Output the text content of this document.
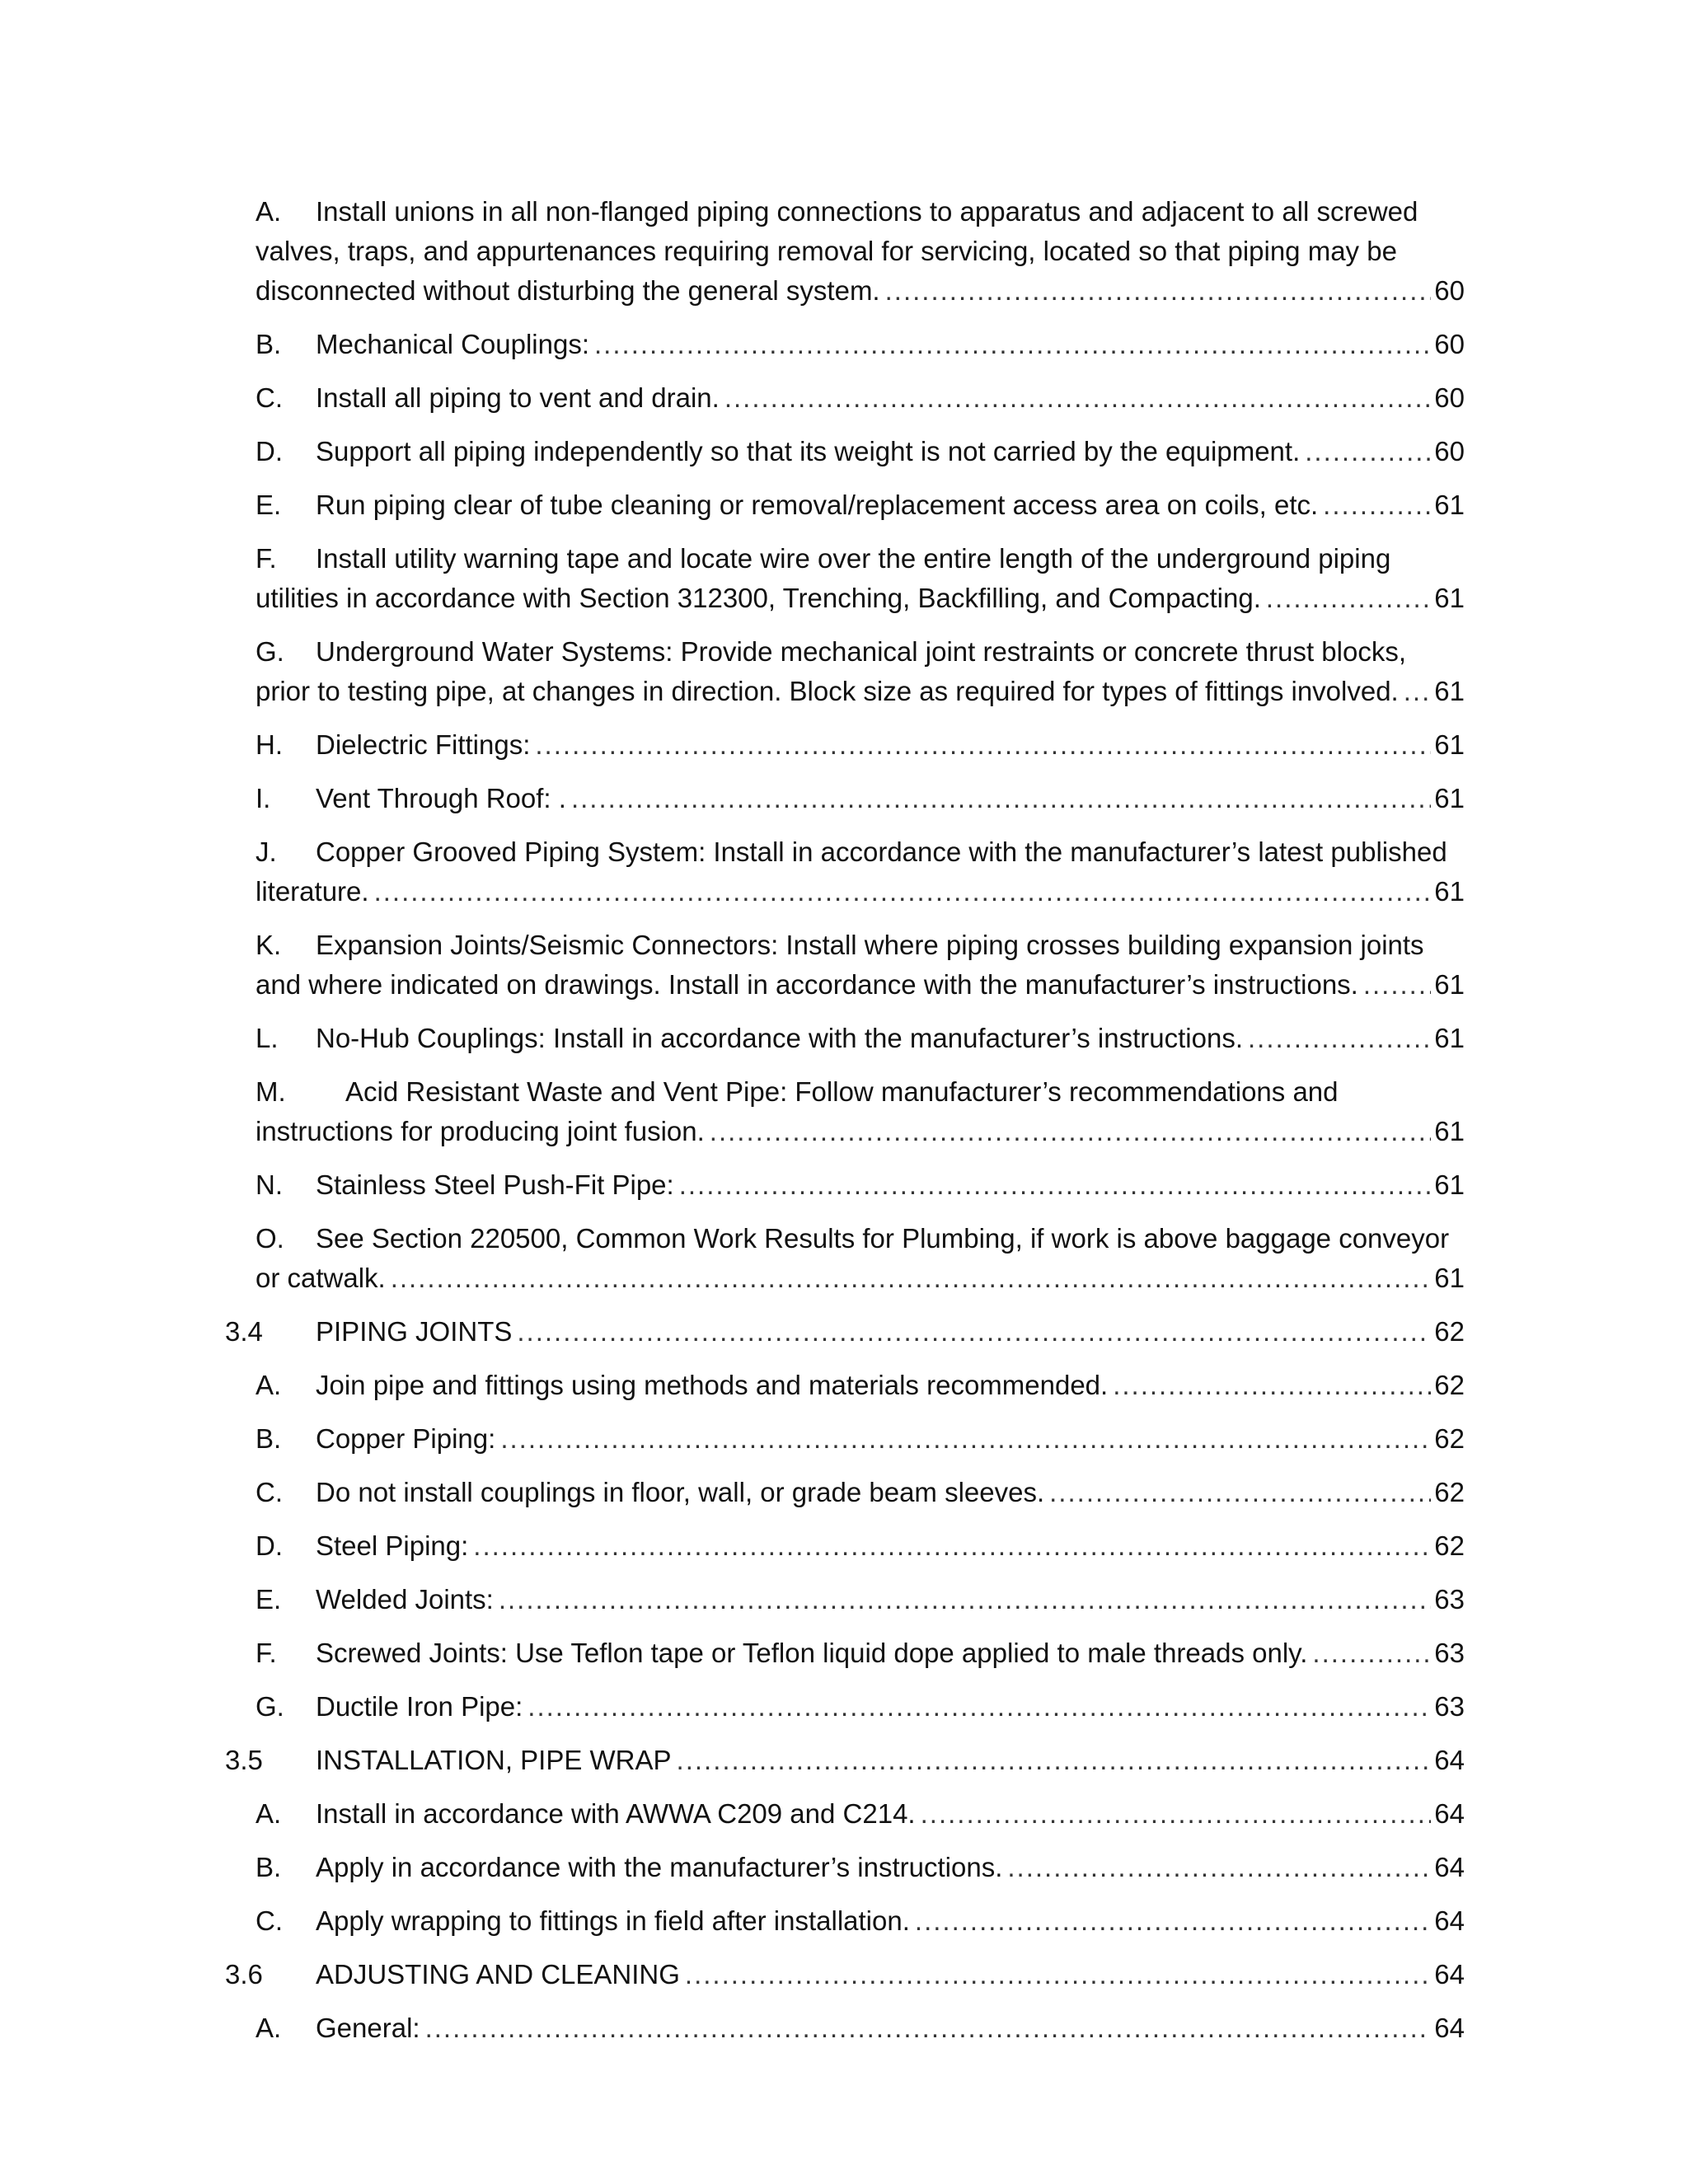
A.	Install unions in all non-flanged piping connections to apparatus and adjacent to all screwed
valves, traps, and appurtenances requiring removal for servicing, located so that piping may be
disconnected without disturbing the general system. .....	60
B.	Mechanical Couplings: .....	60
C.	Install all piping to vent and drain. .....	60
D.	Support all piping independently so that its weight is not carried by the equipment. .....	60
E.	Run piping clear of tube cleaning or removal/replacement access area on coils, etc. .....	61
F.	Install utility warning tape and locate wire over the entire length of the underground piping
utilities in accordance with Section 312300, Trenching, Backfilling, and Compacting. .....	61
G.	Underground Water Systems: Provide mechanical joint restraints or concrete thrust blocks,
prior to testing pipe, at changes in direction. Block size as required for types of fittings involved. ..... 61
H.	Dielectric Fittings: .....	61
I.	Vent Through Roof: . .....	61
J.	Copper Grooved Piping System: Install in accordance with the manufacturer’s latest published
literature. .....	61
K.	Expansion Joints/Seismic Connectors: Install where piping crosses building expansion joints
and where indicated on drawings. Install in accordance with the manufacturer’s instructions. .....	61
L.	No-Hub Couplings: Install in accordance with the manufacturer’s instructions. .....	61
M.	Acid Resistant Waste and Vent Pipe: Follow manufacturer’s recommendations and
instructions for producing joint fusion. .....	61
N.	Stainless Steel Push-Fit Pipe: .....	61
O.	See Section 220500, Common Work Results for Plumbing, if work is above baggage conveyor
or catwalk. .....	61
3.4	PIPING JOINTS .....	62
A.	Join pipe and fittings using methods and materials recommended. .....	62
B.	Copper Piping: .....	62
C.	Do not install couplings in floor, wall, or grade beam sleeves. .....	62
D.	Steel Piping: .....	62
E.	Welded Joints: .....	63
F.	Screwed Joints: Use Teflon tape or Teflon liquid dope applied to male threads only. .....	63
G.	Ductile Iron Pipe: .....	63
3.5	INSTALLATION, PIPE WRAP .....	64
A.	Install in accordance with AWWA C209 and C214. .....	64
B.	Apply in accordance with the manufacturer’s instructions. .....	64
C.	Apply wrapping to fittings in field after installation. .....	64
3.6	ADJUSTING AND CLEANING .....	64
A.	General: .....	64
